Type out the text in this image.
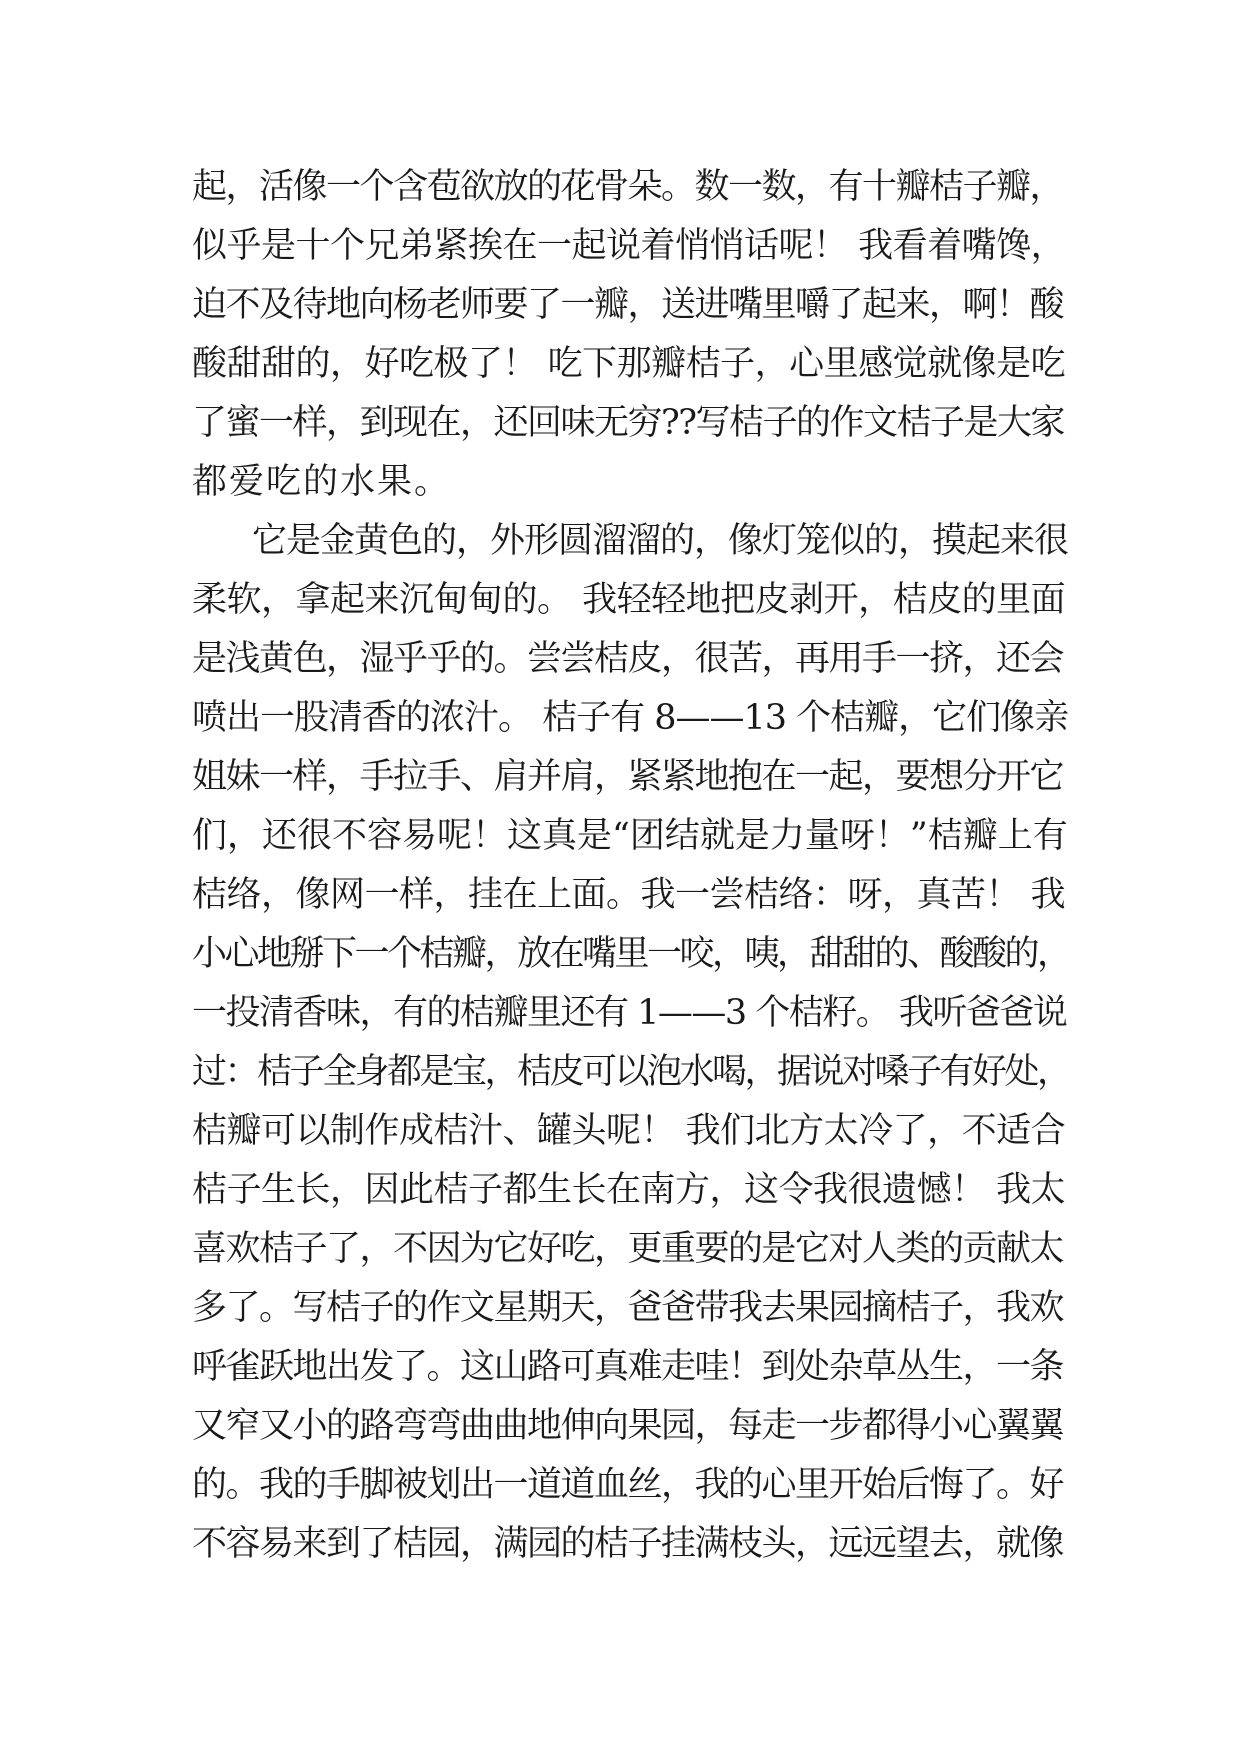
起，活像一个含苞欲放的花骨朵。数一数，有十瓣桔子瓣，
似乎是十个兄弟紧挨在一起说着悄悄话呢！ 我看着嘴馋，
迫不及待地向杨老师要了一瓣，送进嘴里嚼了起来，啊！酸
酸甜甜的，好吃极了！ 吃下那瓣桔子，心里感觉就像是吃
了蜜一样，到现在，还回味无穷??写桔子的作文桔子是大家
都爱吃的水果。
它是金黄色的，外形圆溜溜的，像灯笼似的，摸起来很
柔软，拿起来沉甸甸的。 我轻轻地把皮剥开，桔皮的里面
是浅黄色，湿乎乎的。尝尝桔皮，很苦，再用手一挤，还会
喷出一股清香的浓汁。 桔子有 8——13 个桔瓣，它们像亲
姐妹一样，手拉手、肩并肩，紧紧地抱在一起，要想分开它
们，还很不容易呢！这真是“团结就是力量呀！”桔瓣上有
桔络，像网一样，挂在上面。我一尝桔络：呀，真苦！ 我
小心地掰下一个桔瓣，放在嘴里一咬，咦，甜甜的、酸酸的，
一投清香味，有的桔瓣里还有 1——3 个桔籽。 我听爸爸说
过：桔子全身都是宝，桔皮可以泡水喝，据说对嗓子有好处，
桔瓣可以制作成桔汁、罐头呢！ 我们北方太冷了，不适合
桔子生长，因此桔子都生长在南方，这令我很遗憾！ 我太
喜欢桔子了，不因为它好吃，更重要的是它对人类的贡献太
多了。写桔子的作文星期天，爸爸带我去果园摘桔子，我欢
呼雀跃地出发了。这山路可真难走哇！到处杂草丛生，一条
又窄又小的路弯弯曲曲地伸向果园，每走一步都得小心翼翼
的。我的手脚被划出一道道血丝，我的心里开始后悔了。好
不容易来到了桔园，满园的桔子挂满枝头，远远望去，就像
